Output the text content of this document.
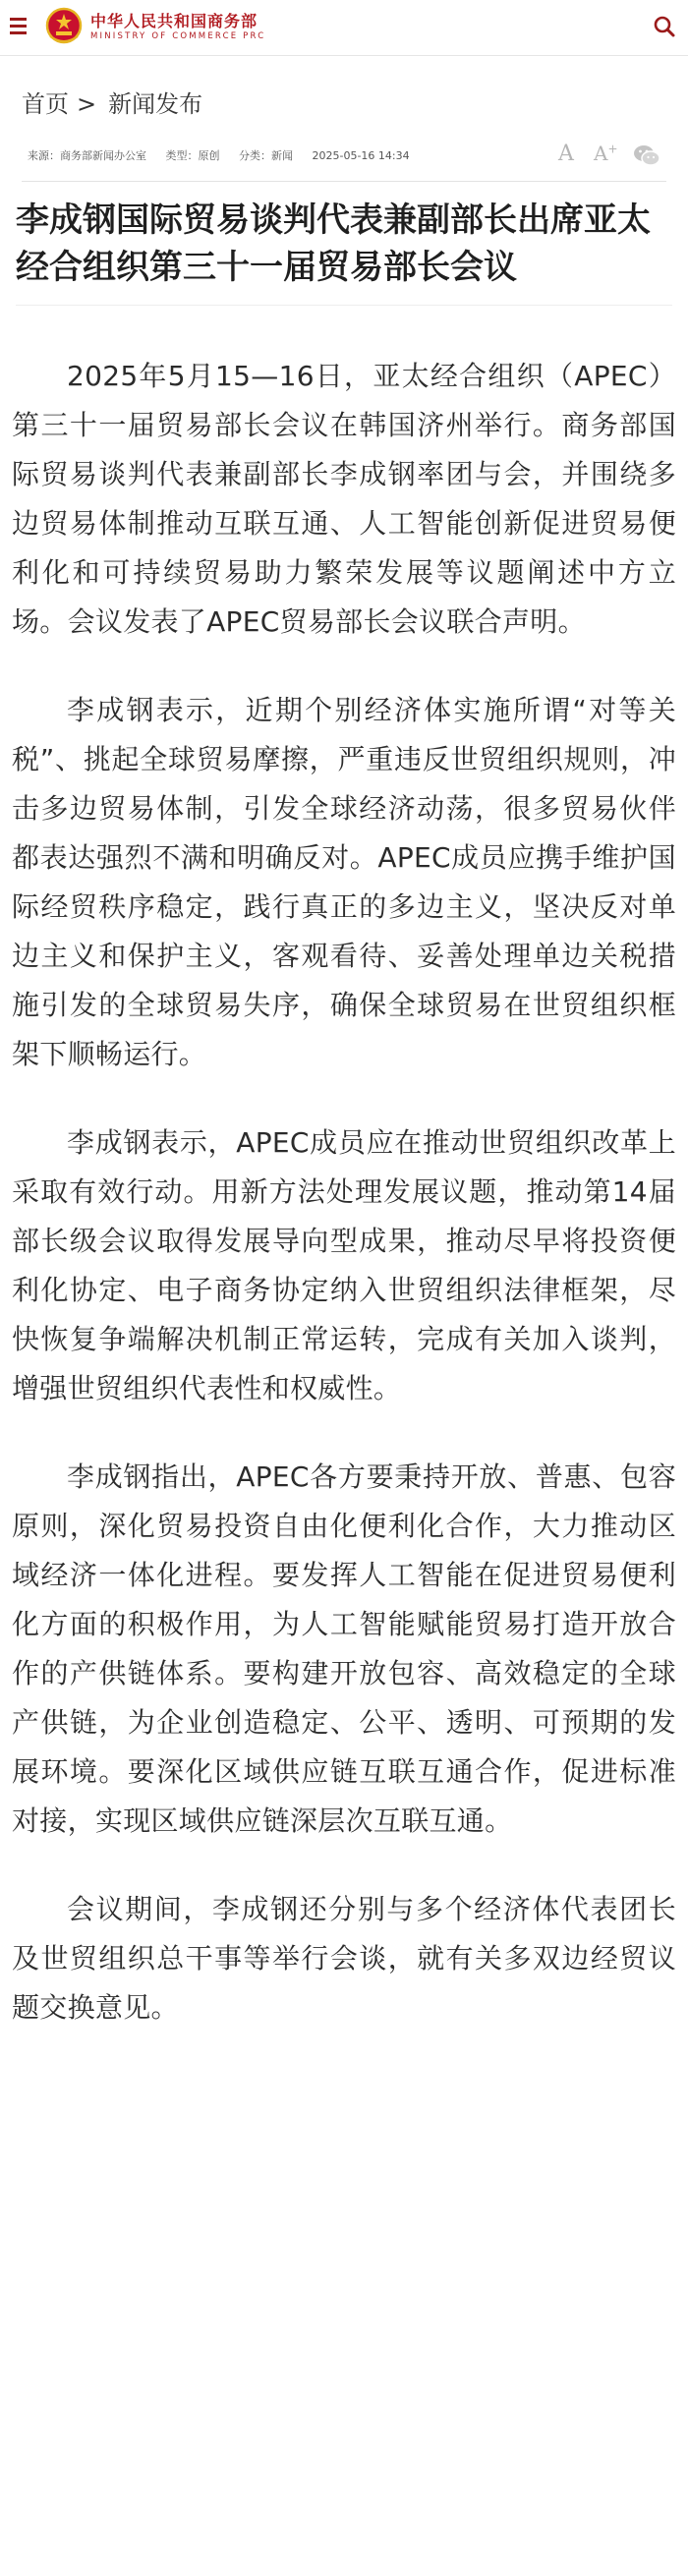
中华人民共和国商务部
MINISTRY OF COMMERCE PRC
首页 > 新闻发布
来源：商务部新闻办公室 类型：原创 分类：新闻 2025-05-16 14:34	A A+
李成钢国际贸易谈判代表兼副部长出席亚太经合组织第三十一届贸易部长会议

2025年5月15—16日，亚太经合组织（APEC）第三十一届贸易部长会议在韩国济州举行。商务部国际贸易谈判代表兼副部长李成钢率团与会，并围绕多边贸易体制推动互联互通、人工智能创新促进贸易便利化和可持续贸易助力繁荣发展等议题阐述中方立场。会议发表了APEC贸易部长会议联合声明。

李成钢表示，近期个别经济体实施所谓“对等关税”、挑起全球贸易摩擦，严重违反世贸组织规则，冲击多边贸易体制，引发全球经济动荡，很多贸易伙伴都表达强烈不满和明确反对。APEC成员应携手维护国际经贸秩序稳定，践行真正的多边主义，坚决反对单边主义和保护主义，客观看待、妥善处理单边关税措施引发的全球贸易失序，确保全球贸易在世贸组织框架下顺畅运行。

李成钢表示，APEC成员应在推动世贸组织改革上采取有效行动。用新方法处理发展议题，推动第14届部长级会议取得发展导向型成果，推动尽早将投资便利化协定、电子商务协定纳入世贸组织法律框架，尽快恢复争端解决机制正常运转，完成有关加入谈判，增强世贸组织代表性和权威性。

李成钢指出，APEC各方要秉持开放、普惠、包容原则，深化贸易投资自由化便利化合作，大力推动区域经济一体化进程。要发挥人工智能在促进贸易便利化方面的积极作用，为人工智能赋能贸易打造开放合作的产供链体系。要构建开放包容、高效稳定的全球产供链，为企业创造稳定、公平、透明、可预期的发展环境。要深化区域供应链互联互通合作，促进标准对接，实现区域供应链深层次互联互通。

会议期间，李成钢还分别与多个经济体代表团长及世贸组织总干事等举行会谈，就有关多双边经贸议题交换意见。
